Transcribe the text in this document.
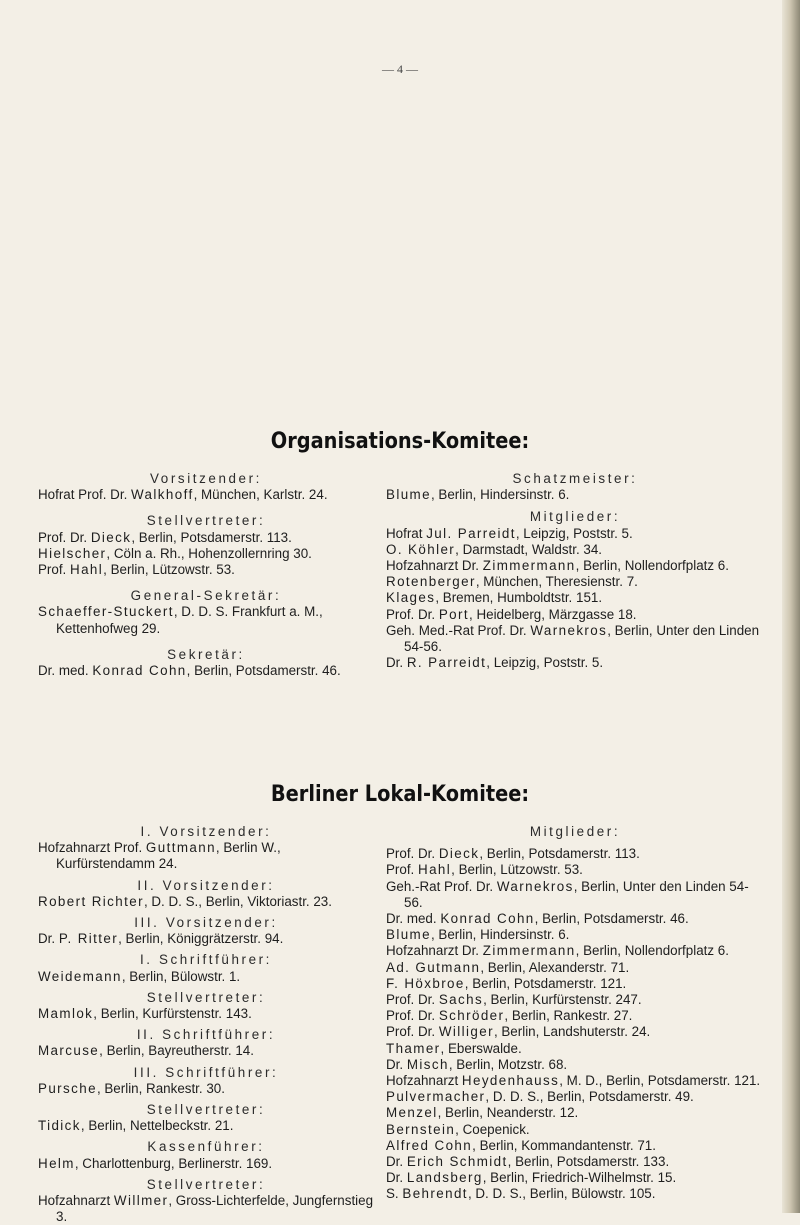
— 4 —
Organisations-Komitee:
Vorsitzender:
Hofrat Prof. Dr. Walkhoff, München, Karlstr. 24.
Stellvertreter:
Prof. Dr. Dieck, Berlin, Potsdamerstr. 113.
Hielscher, Cöln a. Rh., Hohenzollernring 30.
Prof. Hahl, Berlin, Lützowstr. 53.
General-Sekretär:
Schaeffer-Stuckert, D. D. S. Frankfurt a. M., Kettenhofweg 29.
Sekretär:
Dr. med. Konrad Cohn, Berlin, Potsdamerstr. 46.
Schatzmeister:
Blume, Berlin, Hindersinstr. 6.
Mitglieder:
Hofrat Jul. Parreidt, Leipzig, Poststr. 5.
O. Köhler, Darmstadt, Waldstr. 34.
Hofzahnarzt Dr. Zimmermann, Berlin, Nollendorfplatz 6.
Rotenberger, München, Theresienstr. 7.
Klages, Bremen, Humboldtstr. 151.
Prof. Dr. Port, Heidelberg, Märzgasse 18.
Geh. Med.-Rat Prof. Dr. Warnekros, Berlin, Unter den Linden 54-56.
Dr. R. Parreidt, Leipzig, Poststr. 5.
Berliner Lokal-Komitee:
I. Vorsitzender:
Hofzahnarzt Prof. Guttmann, Berlin W., Kurfürstendamm 24.
II. Vorsitzender:
Robert Richter, D. D. S., Berlin, Viktoriastr. 23.
III. Vorsitzender:
Dr. P. Ritter, Berlin, Königgrätzerstr. 94.
I. Schriftführer:
Weidemann, Berlin, Bülowstr. 1.
Stellvertreter:
Mamlok, Berlin, Kurfürstenstr. 143.
II. Schriftführer:
Marcuse, Berlin, Bayreutherstr. 14.
III. Schriftführer:
Pursche, Berlin, Rankestr. 30.
Stellvertreter:
Tidick, Berlin, Nettelbeckstr. 21.
Kassenführer:
Helm, Charlottenburg, Berlinerstr. 169.
Stellvertreter:
Hofzahnarzt Willmer, Gross-Lichterfelde, Jungfernstieg 3.
Mitglieder:
Prof. Dr. Dieck, Berlin, Potsdamerstr. 113.
Prof. Hahl, Berlin, Lützowstr. 53.
Geh.-Rat Prof. Dr. Warnekros, Berlin, Unter den Linden 54-56.
Dr. med. Konrad Cohn, Berlin, Potsdamerstr. 46.
Blume, Berlin, Hindersinstr. 6.
Hofzahnarzt Dr. Zimmermann, Berlin, Nollendorfplatz 6.
Ad. Gutmann, Berlin, Alexanderstr. 71.
F. Höxbroe, Berlin, Potsdamerstr. 121.
Prof. Dr. Sachs, Berlin, Kurfürstenstr. 247.
Prof. Dr. Schröder, Berlin, Rankestr. 27.
Prof. Dr. Williger, Berlin, Landshuterstr. 24.
Thamer, Eberswalde.
Dr. Misch, Berlin, Motzstr. 68.
Hofzahnarzt Heydenhauss, M. D., Berlin, Potsdamerstr. 121.
Pulvermacher, D. D. S., Berlin, Potsdamerstr. 49.
Menzel, Berlin, Neanderstr. 12.
Bernstein, Coepenick.
Alfred Cohn, Berlin, Kommandantenstr. 71.
Dr. Erich Schmidt, Berlin, Potsdamerstr. 133.
Dr. Landsberg, Berlin, Friedrich-Wilhelmstr. 15.
S. Behrendt, D. D. S., Berlin, Bülowstr. 105.
